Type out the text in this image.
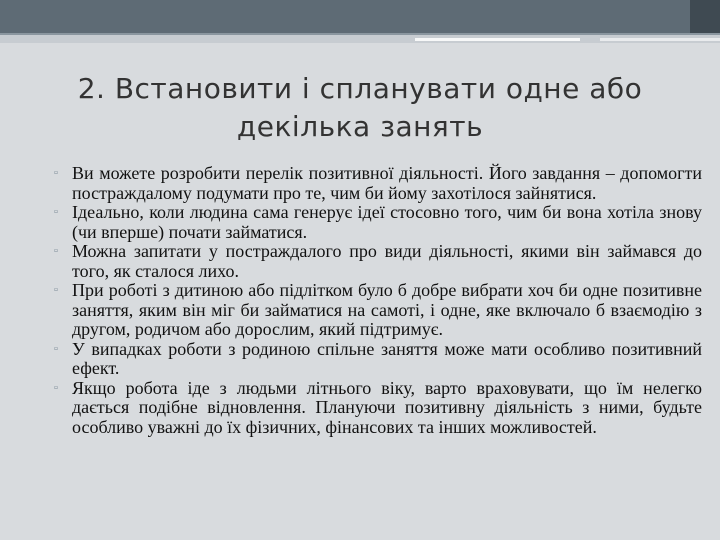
2. Встановити і спланувати одне або
декілька занять
▫ Ви можете розробити перелік позитивної діяльності. Його завдання – допомогти постраждалому подумати про те, чим би йому захотілося зайнятися.
▫ Ідеально, коли людина сама генерує ідеї стосовно того, чим би вона хотіла знову (чи вперше) почати займатися.
▫ Можна запитати у постраждалого про види діяльності, якими він займався до того, як сталося лихо.
▫ При роботі з дитиною або підлітком було б добре вибрати хоч би одне позитивне заняття, яким він міг би займатися на самоті, і одне, яке включало б взаємодію з другом, родичом або дорослим, який підтримує.
▫ У випадках роботи з родиною спільне заняття може мати особливо позитивний ефект.
▫ Якщо робота іде з людьми літнього віку, варто враховувати, що їм нелегко дається подібне відновлення. Плануючи позитивну діяльність з ними, будьте особливо уважні до їх фізичних, фінансових та інших можливостей.
